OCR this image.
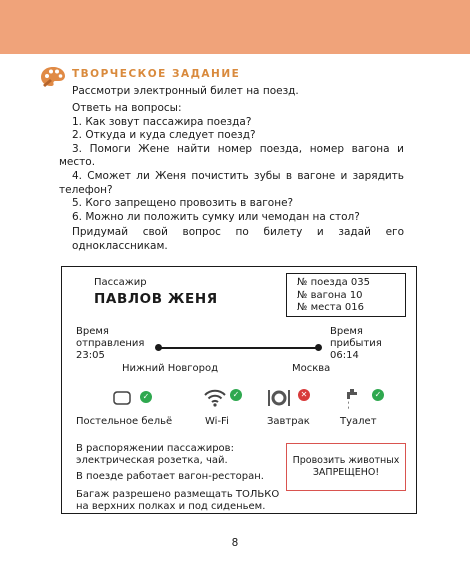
ТВОРЧЕСКОЕ ЗАДАНИЕ
Рассмотри электронный билет на поезд.
Ответь на вопросы:
1. Как зовут пассажира поезда?
2. Откуда и куда следует поезд?
3. Помоги Жене найти номер поезда, номер вагона и место.
4. Сможет ли Женя почистить зубы в вагоне и зарядить телефон?
5. Кого запрещено провозить в вагоне?
6. Можно ли положить сумку или чемодан на стол?
Придумай свой вопрос по билету и задай его одноклассникам.
Пассажир
ПАВЛОВ ЖЕНЯ
№ поезда 035
№ вагона 10
№ места 016
Время
отправления
23:05
Время
прибытия
06:14
Нижний Новгород	Москва
✓
Постельное бельё
✓
Wi-Fi
✕
Завтрак
✓
Туалет
В распоряжении пассажиров: электрическая розетка, чай.
В поезде работает вагон-ресторан.
Багаж разрешено размещать ТОЛЬКО на верхних полках и под сиденьем.
Провозить животных ЗАПРЕЩЕНО!
8
